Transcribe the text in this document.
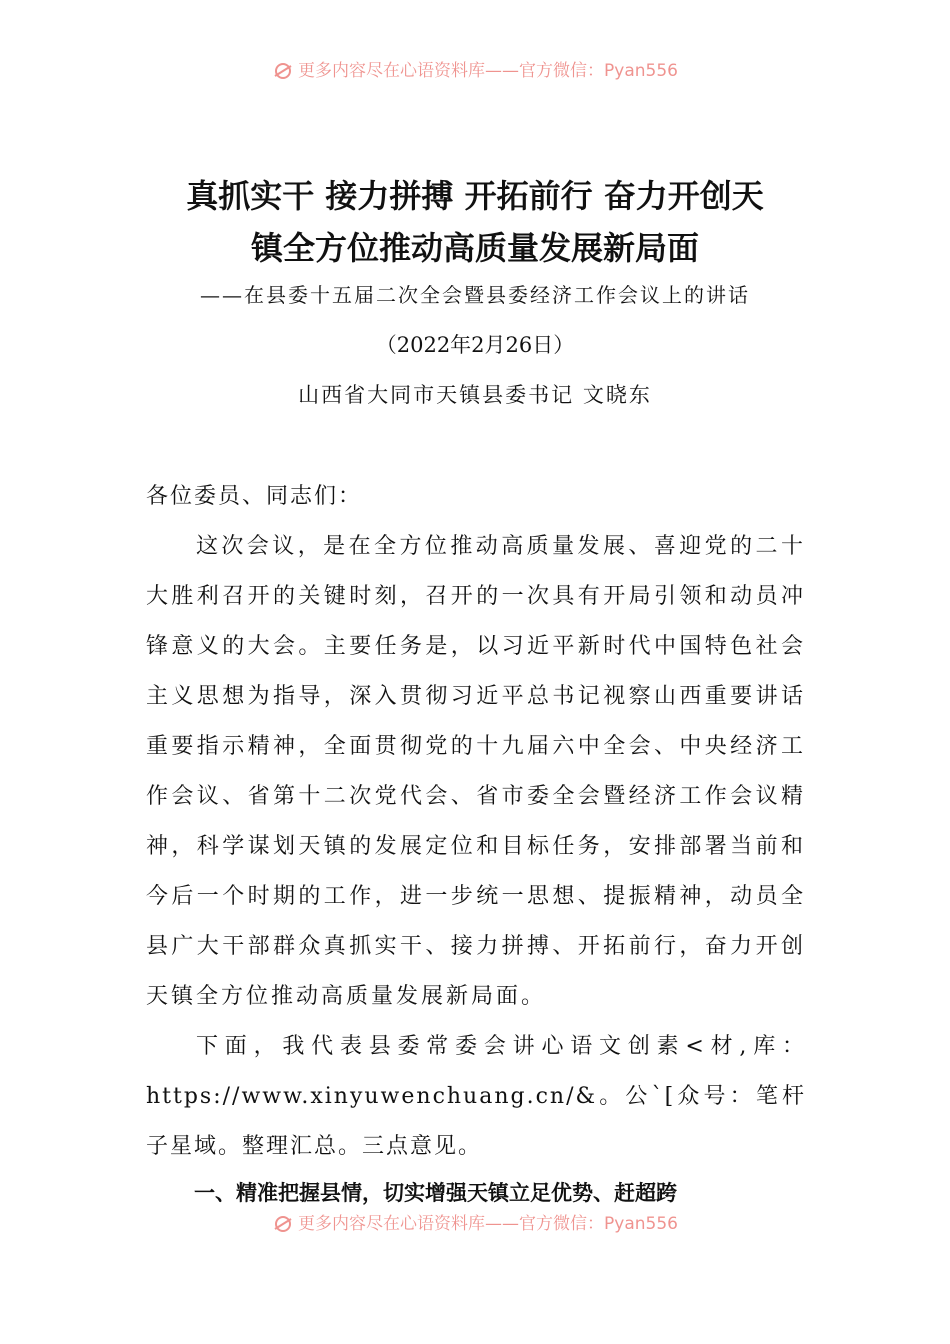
更多内容尽在心语资料库——官方微信：Pyan556
真抓实干 接力拼搏 开拓前行 奋力开创天
镇全方位推动高质量发展新局面
——在县委十五届二次全会暨县委经济工作会议上的讲话
（2022年2月26日）
山西省大同市天镇县委书记 文晓东

各位委员、同志们：

这次会议，是在全方位推动高质量发展、喜迎党的二十大胜利召开的关键时刻，召开的一次具有开局引领和动员冲锋意义的大会。主要任务是，以习近平新时代中国特色社会主义思想为指导，深入贯彻习近平总书记视察山西重要讲话重要指示精神，全面贯彻党的十九届六中全会、中央经济工作会议、省第十二次党代会、省市委全会暨经济工作会议精神，科学谋划天镇的发展定位和目标任务，安排部署当前和今后一个时期的工作，进一步统一思想、提振精神，动员全县广大干部群众真抓实干、接力拼搏、开拓前行，奋力开创天镇全方位推动高质量发展新局面。

下面，我代表县委常委会讲心语文创素<材,库：https://www.xinyuwenchuang.cn/&。公`[众号：笔杆子星域。整理汇总。三点意见。

一、精准把握县情，切实增强天镇立足优势、赶超跨

更多内容尽在心语资料库——官方微信：Pyan556
